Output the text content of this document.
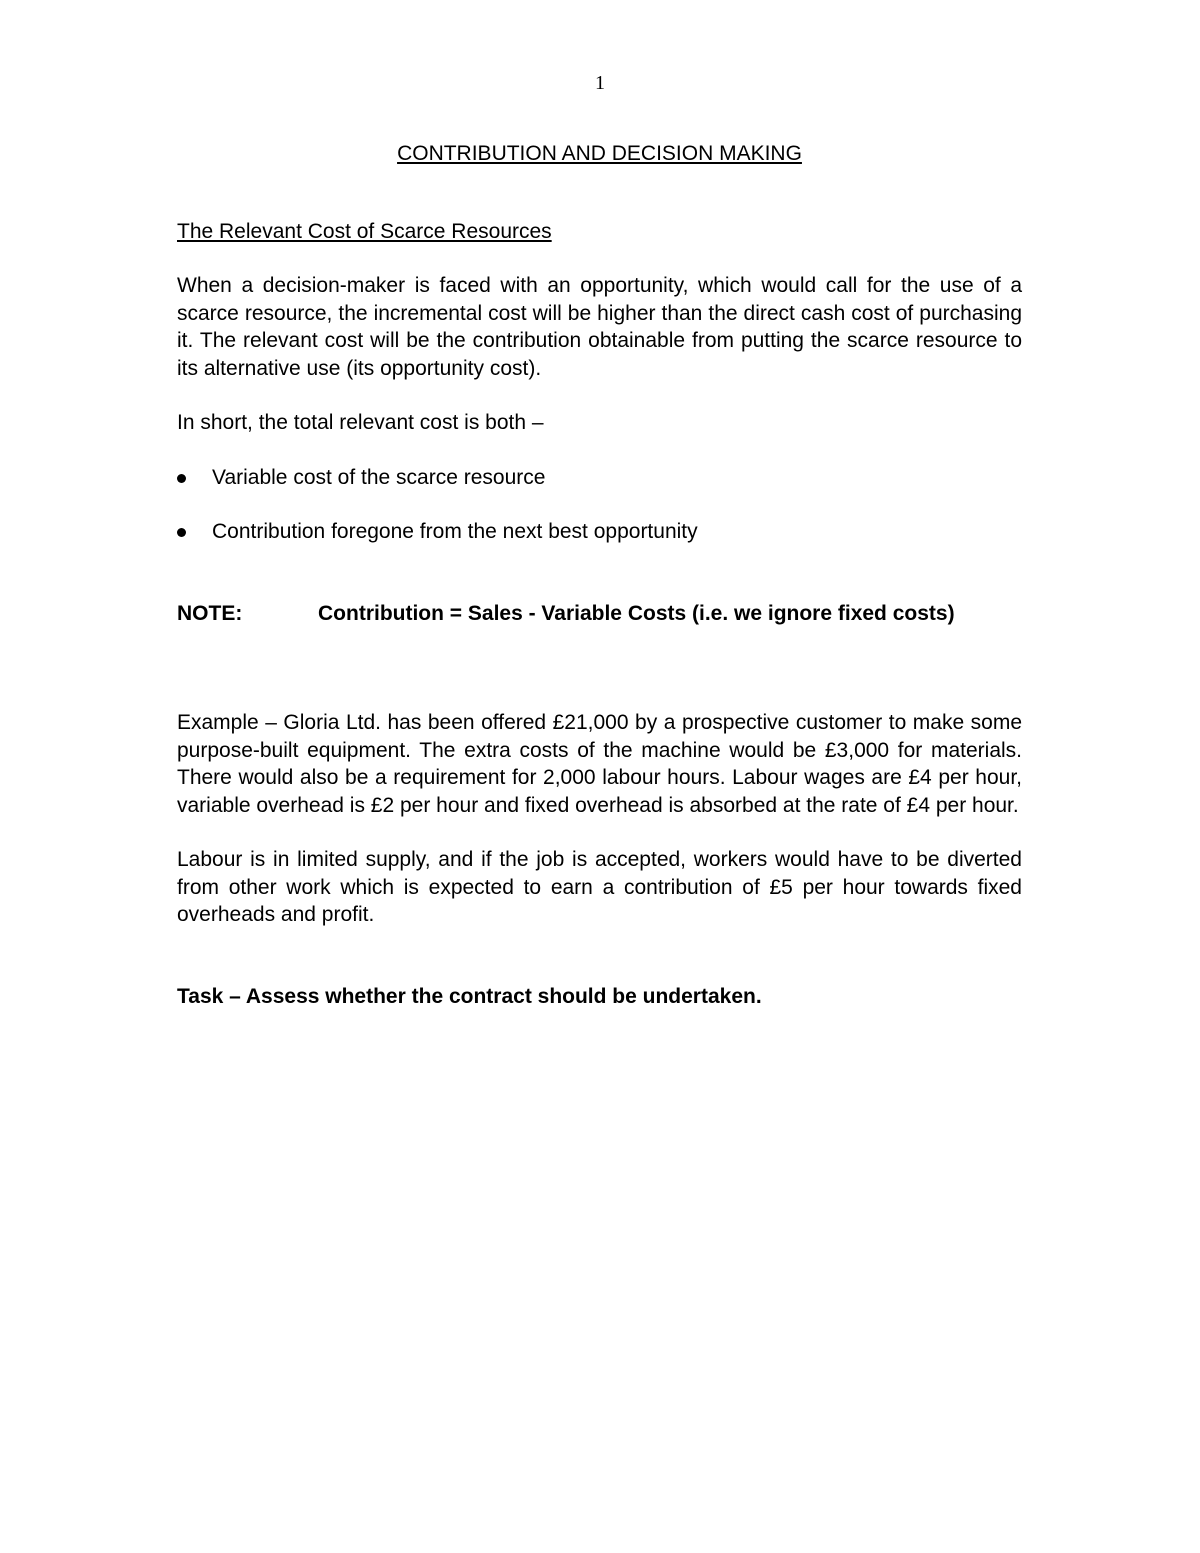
1
CONTRIBUTION AND DECISION MAKING
The Relevant Cost of Scarce Resources

When a decision-maker is faced with an opportunity, which would call for the use of a scarce resource, the incremental cost will be higher than the direct cash cost of purchasing it. The relevant cost will be the contribution obtainable from putting the scarce resource to its alternative use (its opportunity cost).

In short, the total relevant cost is both –

Variable cost of the scarce resource
Contribution foregone from the next best opportunity

NOTE:	Contribution = Sales - Variable Costs (i.e. we ignore fixed costs)

Example – Gloria Ltd. has been offered £21,000 by a prospective customer to make some purpose-built equipment. The extra costs of the machine would be £3,000 for materials. There would also be a requirement for 2,000 labour hours. Labour wages are £4 per hour, variable overhead is £2 per hour and fixed overhead is absorbed at the rate of £4 per hour.

Labour is in limited supply, and if the job is accepted, workers would have to be diverted from other work which is expected to earn a contribution of £5 per hour towards fixed overheads and profit.

Task – Assess whether the contract should be undertaken.
